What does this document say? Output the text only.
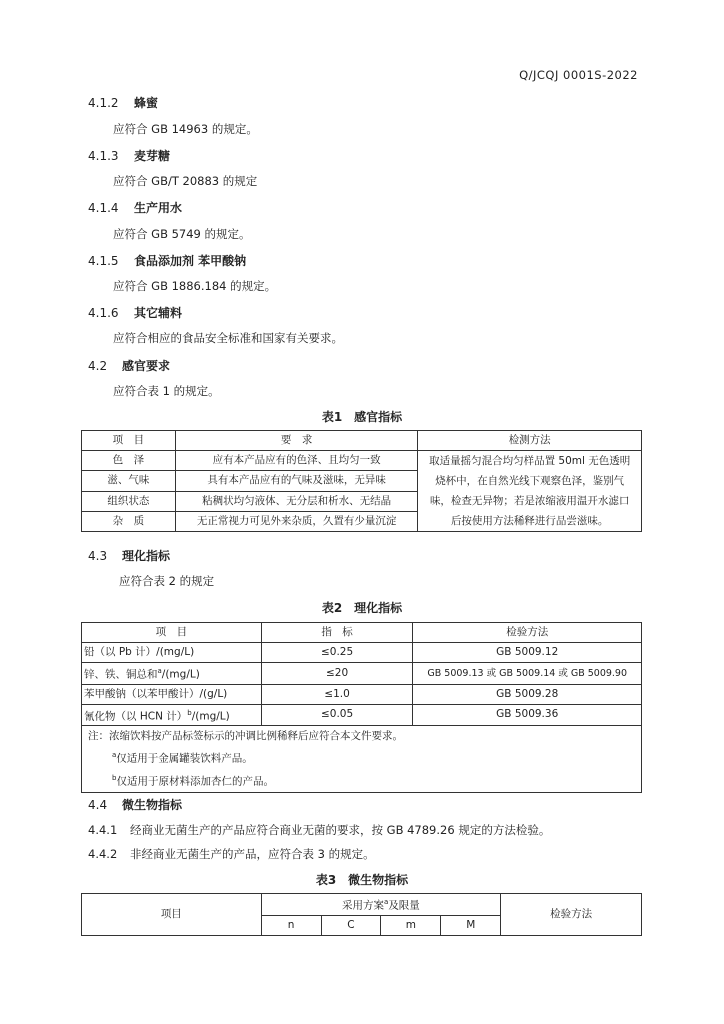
Q/JCQJ 0001S-2022
4.1.2 蜂蜜
应符合 GB 14963 的规定。
4.1.3 麦芽糖
应符合 GB/T 20883 的规定
4.1.4 生产用水
应符合 GB 5749 的规定。
4.1.5 食品添加剂 苯甲酸钠
应符合 GB 1886.184 的规定。
4.1.6 其它辅料
应符合相应的食品安全标准和国家有关要求。
4.2 感官要求
应符合表 1 的规定。
表1　感官指标
项　目	要　求	检测方法
色　泽	应有本产品应有的色泽、且均匀一致	取适量摇匀混合均匀样品置 50ml 无色透明
烧杯中，在自然光线下观察色泽，鉴别气
味，检查无异物；若是浓缩液用温开水滤口
后按使用方法稀释进行品尝滋味。

滋、气味	具有本产品应有的气味及滋味，无异味	
组织状态	粘稠状均匀液体、无分层和析水、无结晶	
杂　质	无正常视力可见外来杂质，久置有少量沉淀	
4.3 理化指标
应符合表 2 的规定
表2　理化指标
项　目	指　标	检验方法
铅（以 Pb 计）/(mg/L)	≤0.25	GB 5009.12
锌、铁、铜总和$^a$/(mg/L)	≤20	GB 5009.13 或 GB 5009.14 或 GB 5009.90
苯甲酸钠（以苯甲酸计）/(g/L)	≤1.0	GB 5009.28
氰化物（以 HCN 计）$^b$/(mg/L)	≤0.05	GB 5009.36

注：浓缩饮料按产品标签标示的冲调比例稀释后应符合本文件要求。
$^a$仅适用于金属罐装饮料产品。
$^b$仅适用于原材料添加杏仁的产品。		
4.4 微生物指标
4.4.1 经商业无菌生产的产品应符合商业无菌的要求，按 GB 4789.26 规定的方法检验。
4.4.2 非经商业无菌生产的产品，应符合表 3 的规定。
表3　微生物指标
项目	采用方案$^a$及限量				检验方法
	n	C	m	M	
